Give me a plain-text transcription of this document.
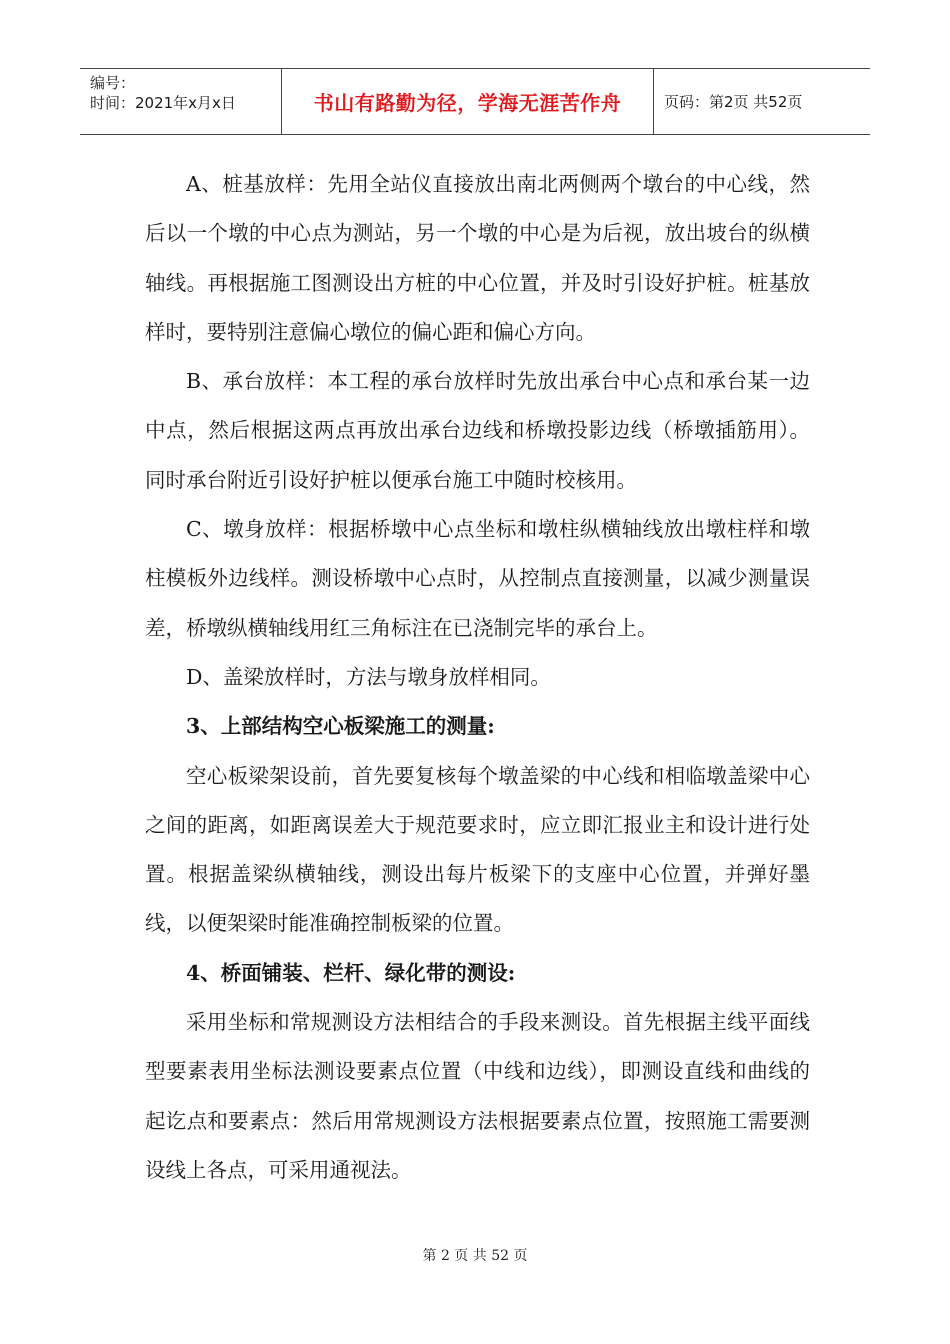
编号：
时间：2021年x月x日	书山有路勤为径，学海无涯苦作舟	页码：第2页 共52页

A、桩基放样：先用全站仪直接放出南北两侧两个墩台的中心线，然后以一个墩的中心点为测站，另一个墩的中心是为后视，放出坡台的纵横轴线。再根据施工图测设出方桩的中心位置，并及时引设好护桩。桩基放样时，要特别注意偏心墩位的偏心距和偏心方向。

B、承台放样：本工程的承台放样时先放出承台中心点和承台某一边中点，然后根据这两点再放出承台边线和桥墩投影边线（桥墩插筋用）。同时承台附近引设好护桩以便承台施工中随时校核用。

C、墩身放样：根据桥墩中心点坐标和墩柱纵横轴线放出墩柱样和墩柱模板外边线样。测设桥墩中心点时，从控制点直接测量，以减少测量误差，桥墩纵横轴线用红三角标注在已浇制完毕的承台上。

D、盖梁放样时，方法与墩身放样相同。

3、上部结构空心板梁施工的测量:

空心板梁架设前，首先要复核每个墩盖梁的中心线和相临墩盖梁中心之间的距离，如距离误差大于规范要求时，应立即汇报业主和设计进行处置。根据盖梁纵横轴线，测设出每片板梁下的支座中心位置，并弹好墨线，以便架梁时能准确控制板梁的位置。

4、桥面铺装、栏杆、绿化带的测设:

采用坐标和常规测设方法相结合的手段来测设。首先根据主线平面线型要素表用坐标法测设要素点位置（中线和边线），即测设直线和曲线的起讫点和要素点：然后用常规测设方法根据要素点位置，按照施工需要测设线上各点，可采用通视法。

第 2 页 共 52 页
